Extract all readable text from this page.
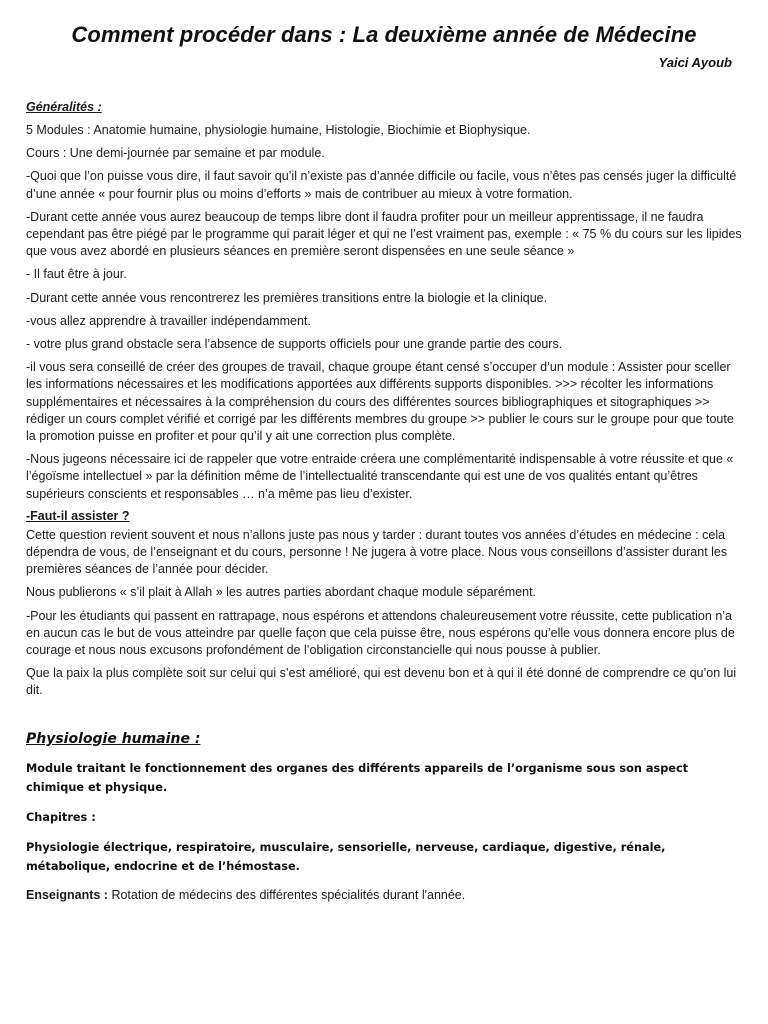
Comment procéder dans : La deuxième année de Médecine
Yaici Ayoub
Généralités :

5 Modules : Anatomie humaine, physiologie humaine, Histologie, Biochimie et Biophysique.

Cours : Une demi-journée par semaine et par module.

-Quoi que l’on puisse vous dire, il faut savoir qu’il n’existe pas d’année difficile ou facile, vous n’êtes pas censés juger la difficulté d’une année « pour fournir plus ou moins d’efforts » mais de contribuer au mieux à votre formation.

-Durant cette année vous aurez beaucoup de temps libre dont il faudra profiter pour un meilleur apprentissage, il ne faudra cependant pas être piégé par le programme qui parait léger et qui ne l’est vraiment pas, exemple : « 75 % du cours sur les lipides que vous avez abordé en plusieurs séances en première seront dispensées en une seule séance »

- Il faut être à jour.

-Durant cette année vous rencontrerez les premières transitions entre la biologie et la clinique.

-vous allez apprendre à travailler indépendamment.

- votre plus grand obstacle sera l’absence de supports officiels pour une grande partie des cours.

-il vous sera conseillé de créer des groupes de travail, chaque groupe étant censé s’occuper d’un module : Assister pour sceller les informations nécessaires et les modifications apportées aux différents supports disponibles. >>> récolter les informations supplémentaires et nécessaires à la compréhension du cours des différentes sources bibliographiques et sitographiques >> rédiger un cours complet vérifié et corrigé par les différents membres du groupe >> publier le cours sur le groupe pour que toute la promotion puisse en profiter et pour qu’il y ait une correction plus complète.

-Nous jugeons nécessaire ici de rappeler que votre entraide créera une complémentarité indispensable à votre réussite et que « l’égoïsme intellectuel » par la définition même de l’intellectualité transcendante qui est une de vos qualités entant qu’êtres supérieurs conscients et responsables … n’a même pas lieu d’exister.

-Faut-il assister ?

Cette question revient souvent et nous n’allons juste pas nous y tarder : durant toutes vos années d’études en médecine : cela dépendra de vous, de l’enseignant et du cours, personne ! Ne jugera à votre place. Nous vous conseillons d’assister durant les premières séances de l’année pour décider.

Nous publierons « s’il plait à Allah » les autres parties abordant chaque module séparément.

-Pour les étudiants qui passent en rattrapage, nous espérons et attendons chaleureusement votre réussite, cette publication n’a en aucun cas le but de vous atteindre par quelle façon que cela puisse être, nous espérons qu’elle vous donnera encore plus de courage et nous nous excusons profondément de l’obligation circonstancielle qui nous pousse à publier.

Que la paix la plus complète soit sur celui qui s’est amélioré, qui est devenu bon et à qui il été donné de comprendre ce qu’on lui dit.

Physiologie humaine :

Module traitant le fonctionnement des organes des différents appareils de l’organisme sous son aspect chimique et physique.

Chapitres :

Physiologie électrique, respiratoire, musculaire, sensorielle, nerveuse, cardiaque, digestive, rénale, métabolique, endocrine et de l’hémostase.

Enseignants : Rotation de médecins des différentes spécialités durant l'année.
